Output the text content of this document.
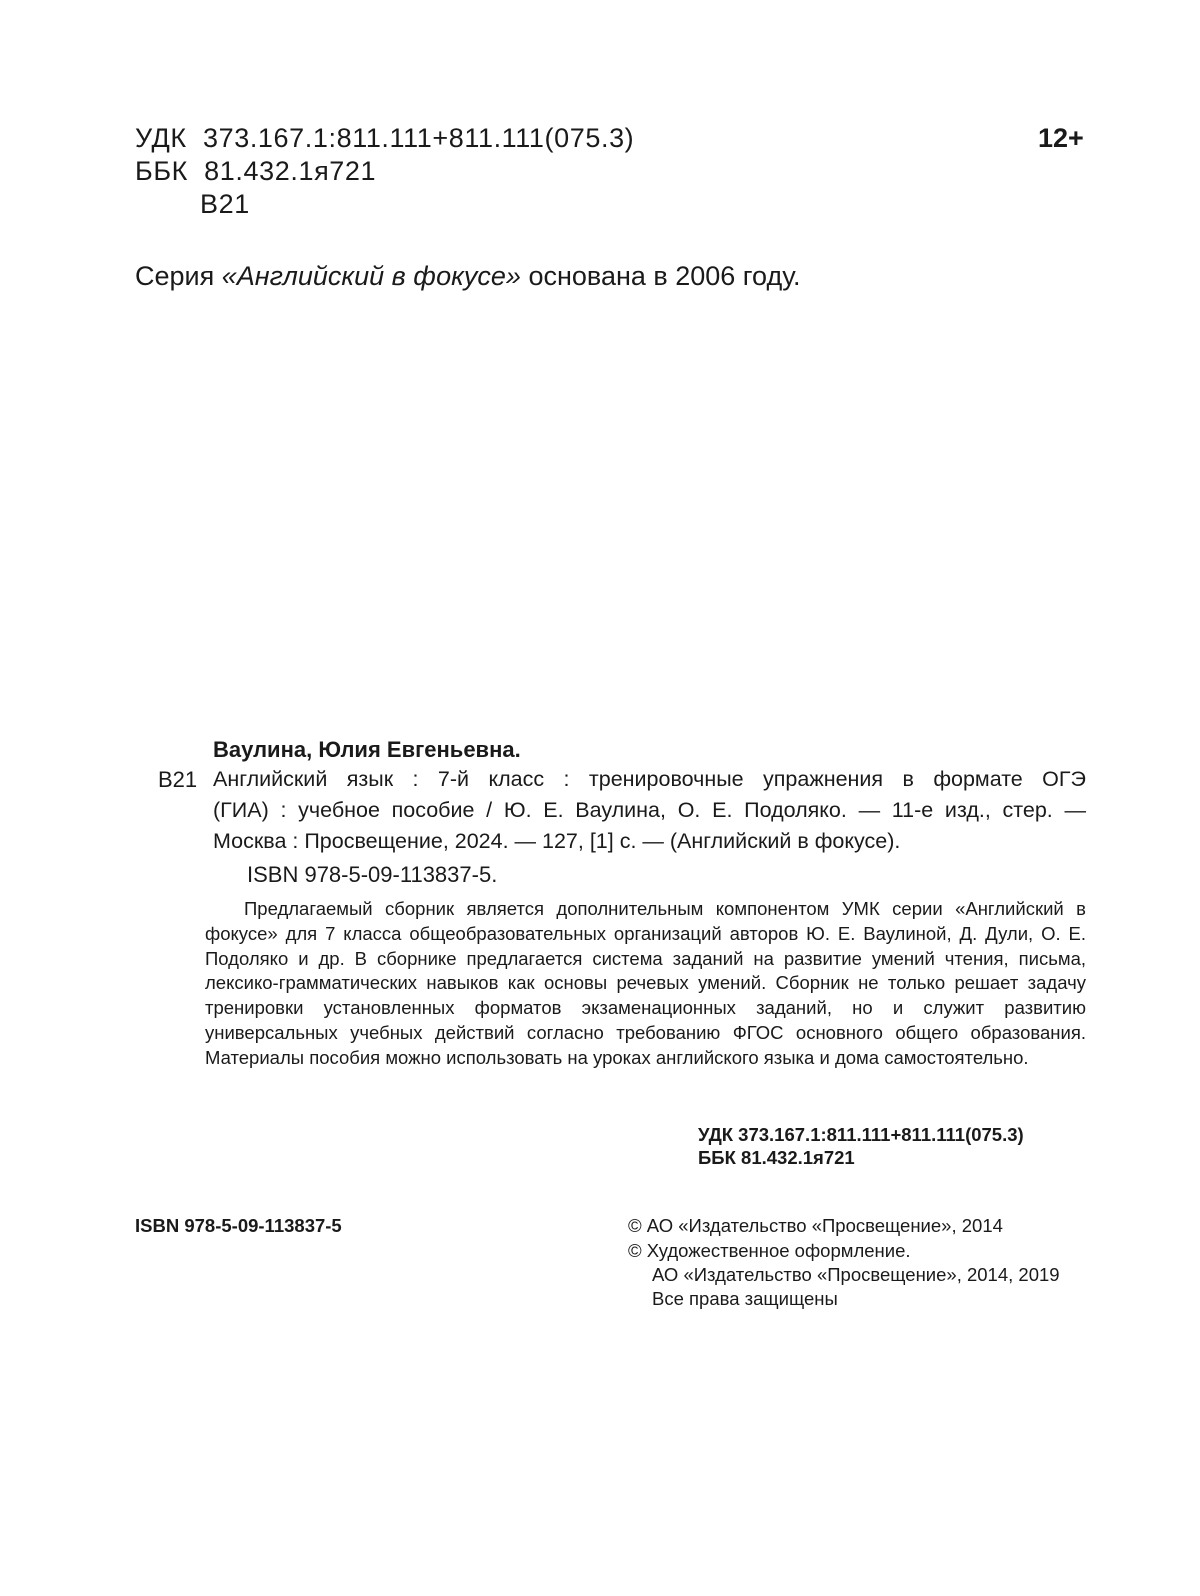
УДК 373.167.1:811.111+811.111(075.3)
ББК 81.432.1я721
В21
12+
Серия «Английский в фокусе» основана в 2006 году.
Ваулина, Юлия Евгеньевна.
В21 Английский язык : 7-й класс : тренировочные упражнения в формате ОГЭ
(ГИА) : учебное пособие / Ю. Е. Ваулина, О. Е. Подоляко. — 11-е изд., стер. —
Москва : Просвещение, 2024. — 127, [1] с. — (Английский в фокусе).
ISBN 978-5-09-113837-5.
Предлагаемый сборник является дополнительным компонентом УМК серии «Английский в фокусе» для 7 класса общеобразовательных организаций авторов Ю. Е. Ваулиной, Д. Дули, О. Е. Подоляко и др. В сборнике предлагается система заданий на развитие умений чтения, письма, лексико-грамматических навыков как основы речевых умений. Сборник не только решает задачу тренировки установленных форматов экзаменационных заданий, но и служит развитию универсальных учебных действий согласно требованию ФГОС основного общего образования. Материалы пособия можно использовать на уроках английского языка и дома самостоятельно.
УДК 373.167.1:811.111+811.111(075.3)
ББК 81.432.1я721
ISBN 978-5-09-113837-5	© АО «Издательство «Просвещение», 2014
© Художественное оформление.
АО «Издательство «Просвещение», 2014, 2019
Все права защищены
